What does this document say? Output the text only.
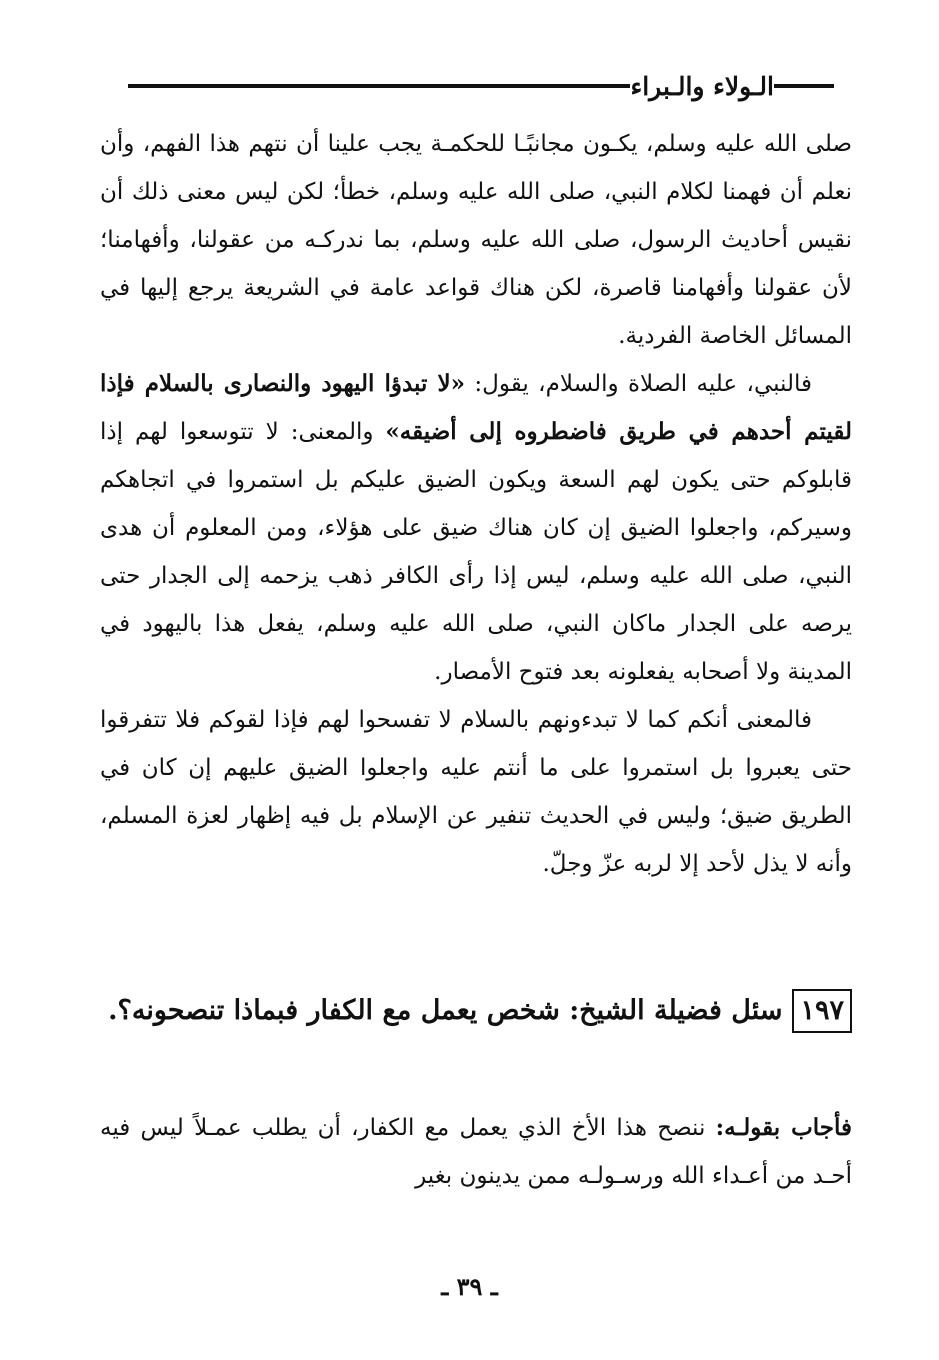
الـولاء والـبراء

صلى الله عليه وسلم، يكـون مجانبًـا للحكمـة يجب علينا أن نتهم هذا الفهم، وأن نعلم أن فهمنا لكلام النبي، صلى الله عليه وسلم، خطأ؛ لكن ليس معنى ذلك أن نقيس أحاديث الرسول، صلى الله عليه وسلم، بما ندركـه من عقولنا، وأفهامنا؛ لأن عقولنا وأفهامنا قاصرة، لكن هناك قواعد عامة في الشريعة يرجع إليها في المسائل الخاصة الفردية.

فالنبي، عليه الصلاة والسلام، يقول: «لا تبدؤا اليهود والنصارى بالسلام فإذا لقيتم أحدهم في طريق فاضطروه إلى أضيقه» والمعنى: لا تتوسعوا لهم إذا قابلوكم حتى يكون لهم السعة ويكون الضيق عليكم بل استمروا في اتجاهكم وسيركم، واجعلوا الضيق إن كان هناك ضيق على هؤلاء، ومن المعلوم أن هدى النبي، صلى الله عليه وسلم، ليس إذا رأى الكافر ذهب يزحمه إلى الجدار حتى يرصه على الجدار ماكان النبي، صلى الله عليه وسلم، يفعل هذا باليهود في المدينة ولا أصحابه يفعلونه بعد فتوح الأمصار.

فالمعنى أنكم كما لا تبدءونهم بالسلام لا تفسحوا لهم فإذا لقوكم فلا تتفرقوا حتى يعبروا بل استمروا على ما أنتم عليه واجعلوا الضيق عليهم إن كان في الطريق ضيق؛ وليس في الحديث تنفير عن الإسلام بل فيه إظهار لعزة المسلم، وأنه لا يذل لأحد إلا لربه عزّ وجلّ.

١٩٧سئل فضيلة الشيخ: شخص يعمل مع الكفار فبماذا تنصحونه؟.
فأجاب بقولـه: ننصح هذا الأخ الذي يعمل مع الكفار، أن يطلب عمـلاً ليس فيه أحـد من أعـداء الله ورسـولـه ممن يدينون بغير
ـ ٣٩ ـ
